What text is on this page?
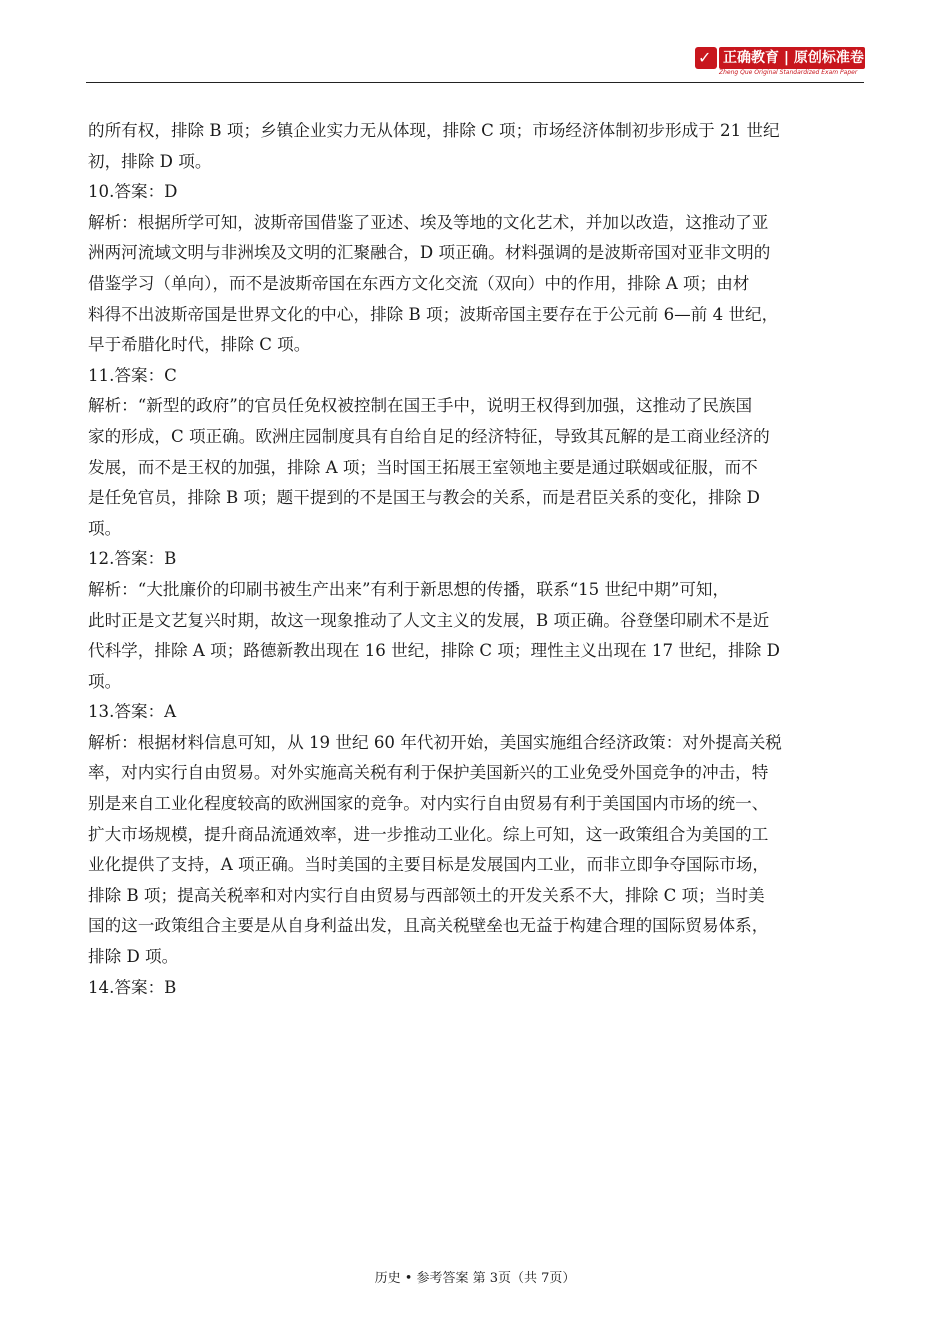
✓ 正确教育 | 原创标准卷
Zheng Que Original Standardized Exam Paper

的所有权，排除 B 项；乡镇企业实力无从体现，排除 C 项；市场经济体制初步形成于 21 世纪

初，排除 D 项。

10.答案：D

解析：根据所学可知，波斯帝国借鉴了亚述、埃及等地的文化艺术，并加以改造，这推动了亚

洲两河流域文明与非洲埃及文明的汇聚融合，D 项正确。材料强调的是波斯帝国对亚非文明的

借鉴学习（单向），而不是波斯帝国在东西方文化交流（双向）中的作用，排除 A 项；由材

料得不出波斯帝国是世界文化的中心，排除 B 项；波斯帝国主要存在于公元前 6—前 4 世纪，

早于希腊化时代，排除 C 项。

11.答案：C

解析：“新型的政府”的官员任免权被控制在国王手中，说明王权得到加强，这推动了民族国

家的形成，C 项正确。欧洲庄园制度具有自给自足的经济特征，导致其瓦解的是工商业经济的

发展，而不是王权的加强，排除 A 项；当时国王拓展王室领地主要是通过联姻或征服，而不

是任免官员，排除 B 项；题干提到的不是国王与教会的关系，而是君臣关系的变化，排除 D

项。

12.答案：B

解析：“大批廉价的印刷书被生产出来”有利于新思想的传播，联系“15 世纪中期”可知，

此时正是文艺复兴时期，故这一现象推动了人文主义的发展，B 项正确。谷登堡印刷术不是近

代科学，排除 A 项；路德新教出现在 16 世纪，排除 C 项；理性主义出现在 17 世纪，排除 D

项。

13.答案：A

解析：根据材料信息可知，从 19 世纪 60 年代初开始，美国实施组合经济政策：对外提高关税

率，对内实行自由贸易。对外实施高关税有利于保护美国新兴的工业免受外国竞争的冲击，特

别是来自工业化程度较高的欧洲国家的竞争。对内实行自由贸易有利于美国国内市场的统一、

扩大市场规模，提升商品流通效率，进一步推动工业化。综上可知，这一政策组合为美国的工

业化提供了支持，A 项正确。当时美国的主要目标是发展国内工业，而非立即争夺国际市场，

排除 B 项；提高关税率和对内实行自由贸易与西部领土的开发关系不大，排除 C 项；当时美

国的这一政策组合主要是从自身利益出发，且高关税壁垒也无益于构建合理的国际贸易体系，

排除 D 项。

14.答案：B

历史 • 参考答案 第 3页（共 7页）
